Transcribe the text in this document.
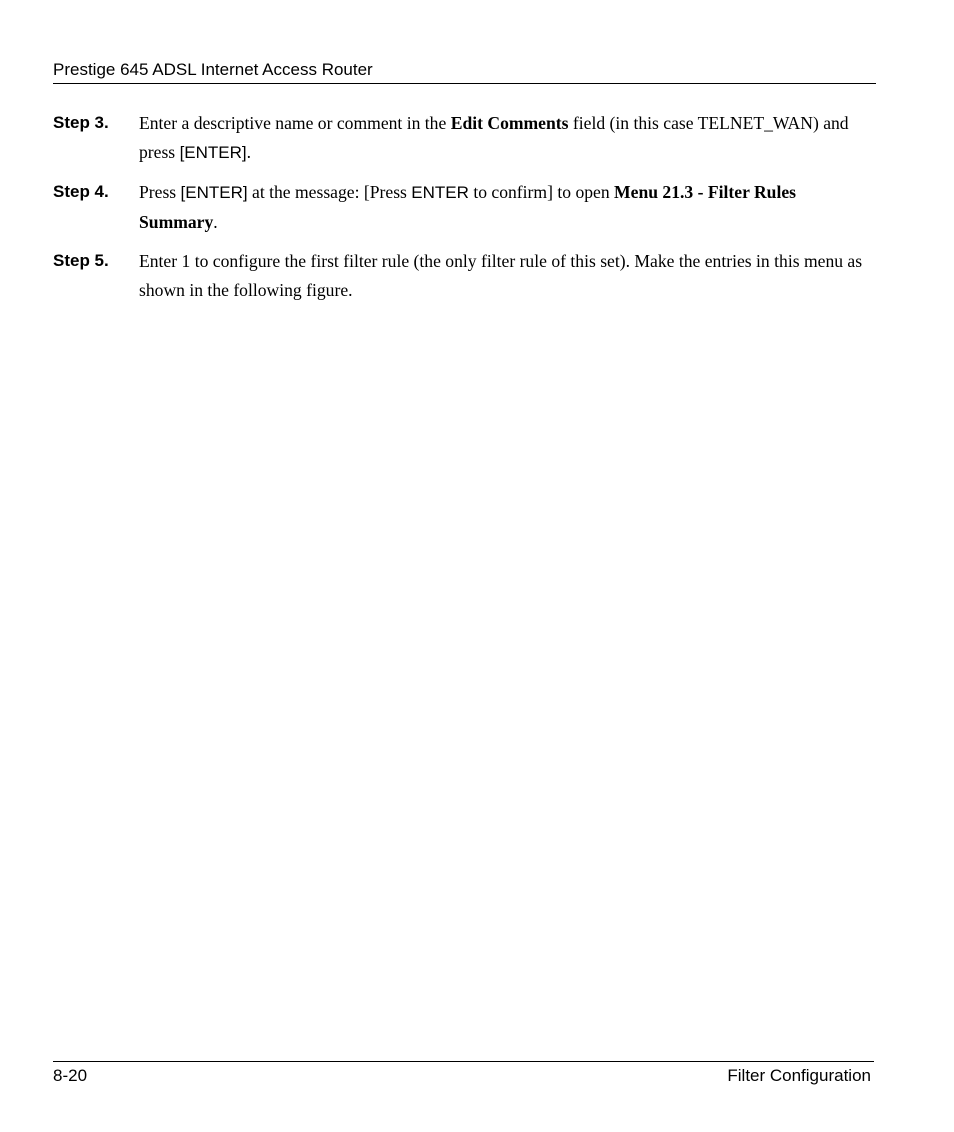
Prestige 645 ADSL Internet Access Router
Step 3.	Enter a descriptive name or comment in the Edit Comments field (in this case TELNET_WAN) and press [ENTER].
Step 4.	Press [ENTER] at the message: [Press ENTER to confirm] to open Menu 21.3 - Filter Rules Summary.
Step 5.	Enter 1 to configure the first filter rule (the only filter rule of this set). Make the entries in this menu as shown in the following figure.
8-20	Filter Configuration
